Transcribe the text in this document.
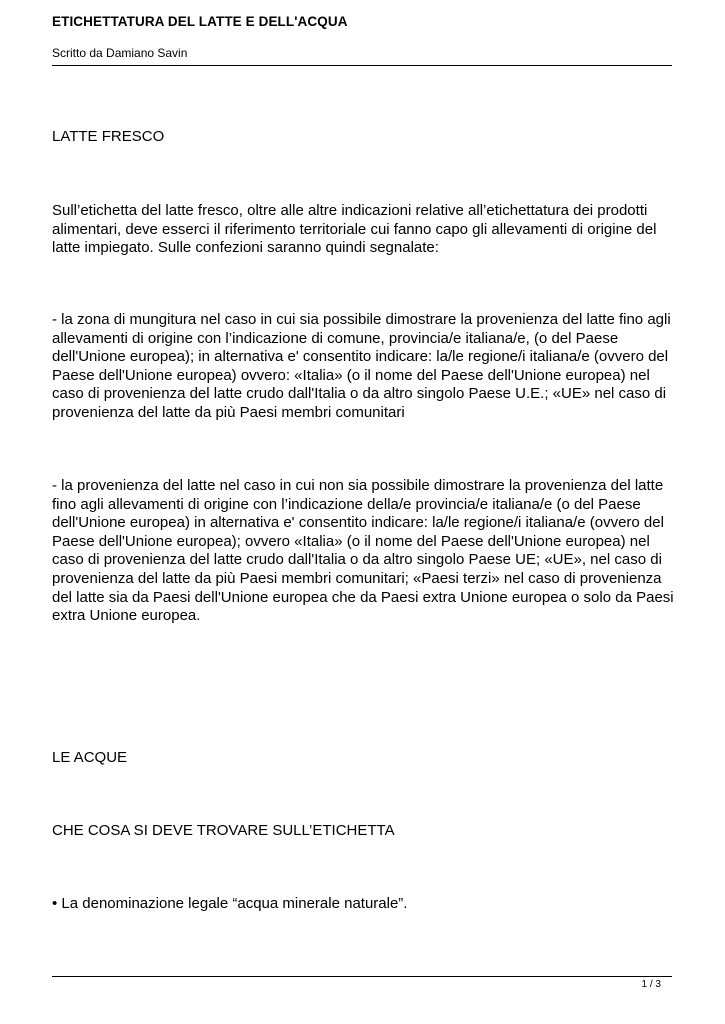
ETICHETTATURA DEL LATTE E DELL'ACQUA
Scritto da Damiano Savin

LATTE FRESCO

Sull’etichetta del latte fresco, oltre alle altre indicazioni relative all’etichettatura dei prodotti alimentari, deve esserci il riferimento territoriale cui fanno capo gli allevamenti di origine del latte impiegato. Sulle confezioni saranno quindi segnalate:

- la zona di mungitura nel caso in cui sia possibile dimostrare la provenienza del latte fino agli allevamenti di origine con l’indicazione di comune, provincia/e italiana/e, (o del Paese dell'Unione europea); in alternativa e' consentito indicare: la/le regione/i italiana/e (ovvero del Paese dell'Unione europea) ovvero: «Italia» (o il nome del Paese dell'Unione europea) nel caso di provenienza del latte crudo dall'Italia o da altro singolo Paese U.E.; «UE» nel caso di provenienza del latte da più Paesi membri comunitari

- la provenienza del latte nel caso in cui non sia possibile dimostrare la provenienza del latte fino agli allevamenti di origine con l’indicazione della/e provincia/e italiana/e (o del Paese dell'Unione europea) in alternativa e' consentito indicare: la/le regione/i italiana/e (ovvero del Paese dell'Unione europea); ovvero «Italia» (o il nome del Paese dell'Unione europea) nel caso di provenienza del latte crudo dall'Italia o da altro singolo Paese UE; «UE», nel caso di provenienza del latte da più Paesi membri comunitari; «Paesi terzi» nel caso di provenienza del latte sia da Paesi dell'Unione europea che da Paesi extra Unione europea o solo da Paesi extra Unione europea.

LE ACQUE

CHE COSA SI DEVE TROVARE SULL’ETICHETTA

• La denominazione legale “acqua minerale naturale”.

1 / 3
